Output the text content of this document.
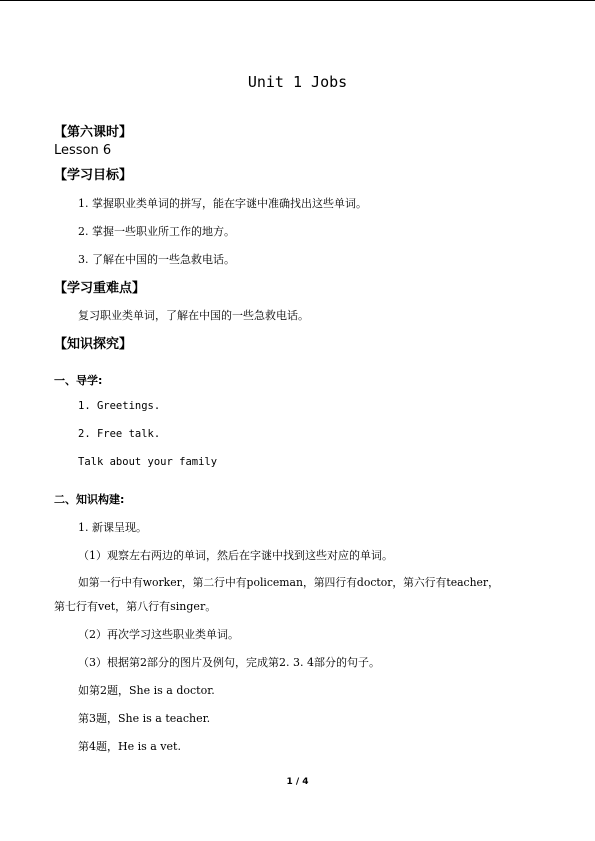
Unit 1 Jobs
【第六课时】
Lesson 6
【学习目标】
1. 掌握职业类单词的拼写，能在字谜中准确找出这些单词。
2. 掌握一些职业所工作的地方。
3. 了解在中国的一些急救电话。
【学习重难点】
复习职业类单词，了解在中国的一些急救电话。
【知识探究】
一、导学:
1. Greetings.
2. Free talk.
Talk about your family
二、知识构建:
1. 新课呈现。
（1）观察左右两边的单词，然后在字谜中找到这些对应的单词。
如第一行中有worker，第二行中有policeman，第四行有doctor，第六行有teacher，
第七行有vet，第八行有singer。
（2）再次学习这些职业类单词。
（3）根据第2部分的图片及例句，完成第2. 3. 4部分的句子。
如第2题，She is a doctor.
第3题，She is a teacher.
第4题，He is a vet.
1 / 4
